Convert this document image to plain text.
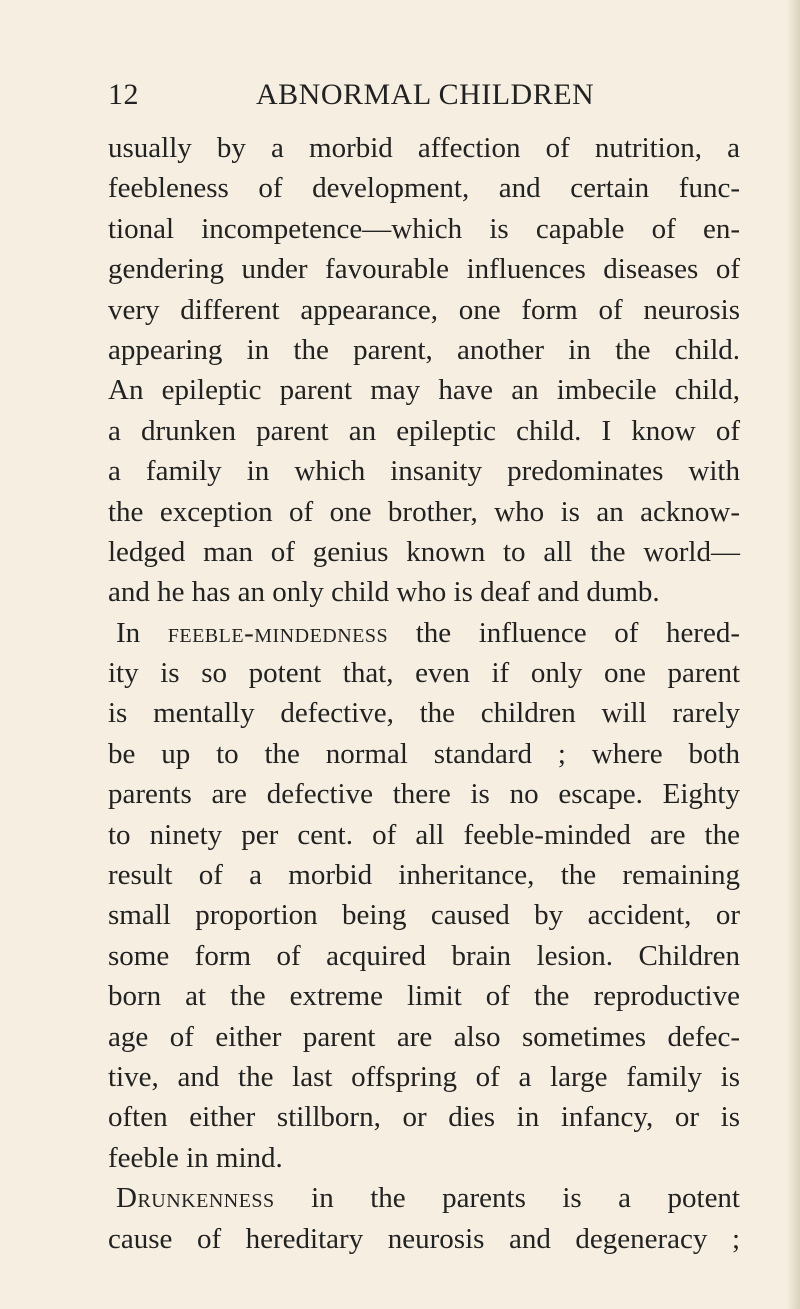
12	ABNORMAL CHILDREN
usually by a morbid affection of nutrition, a
feebleness of development, and certain func-
tional incompetence—which is capable of en-
gendering under favourable influences diseases of
very different appearance, one form of neurosis
appearing in the parent, another in the child.
An epileptic parent may have an imbecile child,
a drunken parent an epileptic child. I know of
a family in which insanity predominates with
the exception of one brother, who is an acknow-
ledged man of genius known to all the world—
and he has an only child who is deaf and dumb.
In feeble-mindedness the influence of hered-
ity is so potent that, even if only one parent
is mentally defective, the children will rarely
be up to the normal standard ; where both
parents are defective there is no escape. Eighty
to ninety per cent. of all feeble-minded are the
result of a morbid inheritance, the remaining
small proportion being caused by accident, or
some form of acquired brain lesion. Children
born at the extreme limit of the reproductive
age of either parent are also sometimes defec-
tive, and the last offspring of a large family is
often either stillborn, or dies in infancy, or is
feeble in mind.
Drunkenness in the parents is a potent
cause of hereditary neurosis and degeneracy ;
